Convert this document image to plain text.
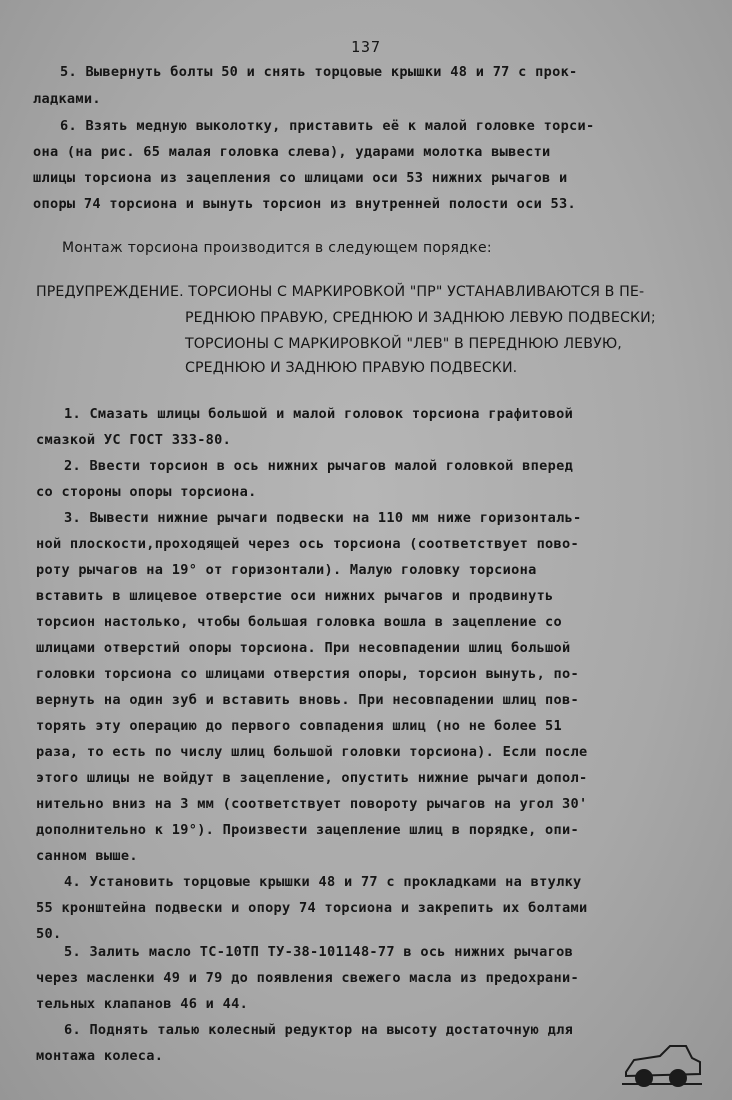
137
5. Вывернуть болты 50 и снять торцовые крышки 48 и 77 с прок-
ладками.
6. Взять медную выколотку, приставить её к малой головке торси-
она (на рис. 65 малая головка слева), ударами молотка вывести
шлицы торсиона из зацепления со шлицами оси 53 нижних рычагов и
опоры 74 торсиона и вынуть торсион из внутренней полости оси 53.
Монтаж торсиона производится в следующем порядке:
ПРЕДУПРЕЖДЕНИЕ. ТОРСИОНЫ С МАРКИРОВКОЙ "ПР" УСТАНАВЛИВАЮТСЯ В ПЕ-
РЕДНЮЮ ПРАВУЮ, СРЕДНЮЮ И ЗАДНЮЮ ЛЕВУЮ ПОДВЕСКИ;
ТОРСИОНЫ С МАРКИРОВКОЙ "ЛЕВ" В ПЕРЕДНЮЮ ЛЕВУЮ,
СРЕДНЮЮ И ЗАДНЮЮ ПРАВУЮ ПОДВЕСКИ.
1. Смазать шлицы большой и малой головок торсиона графитовой
смазкой УС ГОСТ 333-80.
2. Ввести торсион в ось нижних рычагов малой головкой вперед
со стороны опоры торсиона.
3. Вывести нижние рычаги подвески на 110 мм ниже горизонталь-
ной плоскости,проходящей через ось торсиона (соответствует пово-
роту рычагов на 19° от горизонтали). Малую головку торсиона
вставить в шлицевое отверстие оси нижних рычагов и продвинуть
торсион настолько, чтобы большая головка вошла в зацепление со
шлицами отверстий опоры торсиона. При несовпадении шлиц большой
головки торсиона со шлицами отверстия опоры, торсион вынуть, по-
вернуть на один зуб и вставить вновь. При несовпадении шлиц пов-
торять эту операцию до первого совпадения шлиц (но не более 51
раза, то есть по числу шлиц большой головки торсиона). Если после
этого шлицы не войдут в зацепление, опустить нижние рычаги допол-
нительно вниз на 3 мм (соответствует повороту рычагов на угол 30'
дополнительно к 19°). Произвести зацепление шлиц в порядке, опи-
санном выше.
4. Установить торцовые крышки 48 и 77 с прокладками на втулку
55 кронштейна подвески и опору 74 торсиона и закрепить их болтами
50.
5. Залить масло ТС-10ТП ТУ-38-101148-77 в ось нижних рычагов
через масленки 49 и 79 до появления свежего масла из предохрани-
тельных клапанов 46 и 44.
6. Поднять талью колесный редуктор на высоту достаточную для
монтажа колеса.
